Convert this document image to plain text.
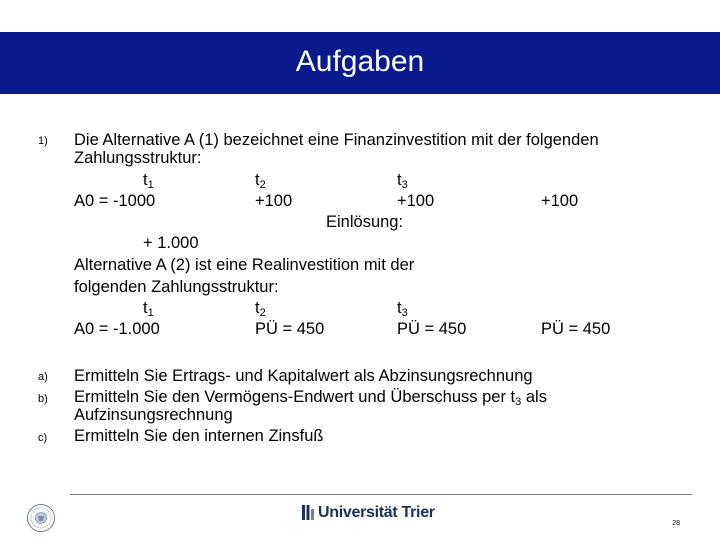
Aufgaben
1) Die Alternative A (1) bezeichnet eine Finanzinvestition mit der folgenden
Zahlungsstruktur:
$t_1$	$t_2$	$t_3$
A0 = -1000	+100	+100	+100
Einlösung:
+ 1.000
Alternative A (2) ist eine Realinvestition mit der
folgenden Zahlungsstruktur:
$t_1$	$t_2$	$t_3$
A0 = -1.000	PÜ = 450	PÜ = 450	PÜ = 450
a) Ermitteln Sie Ertrags- und Kapitalwert als Abzinsungsrechnung
b) Ermitteln Sie den Vermögens-Endwert und Überschuss per $t_3$ als
Aufzinsungsrechnung
c) Ermitteln Sie den internen Zinsfuß
Universität Trier
28
